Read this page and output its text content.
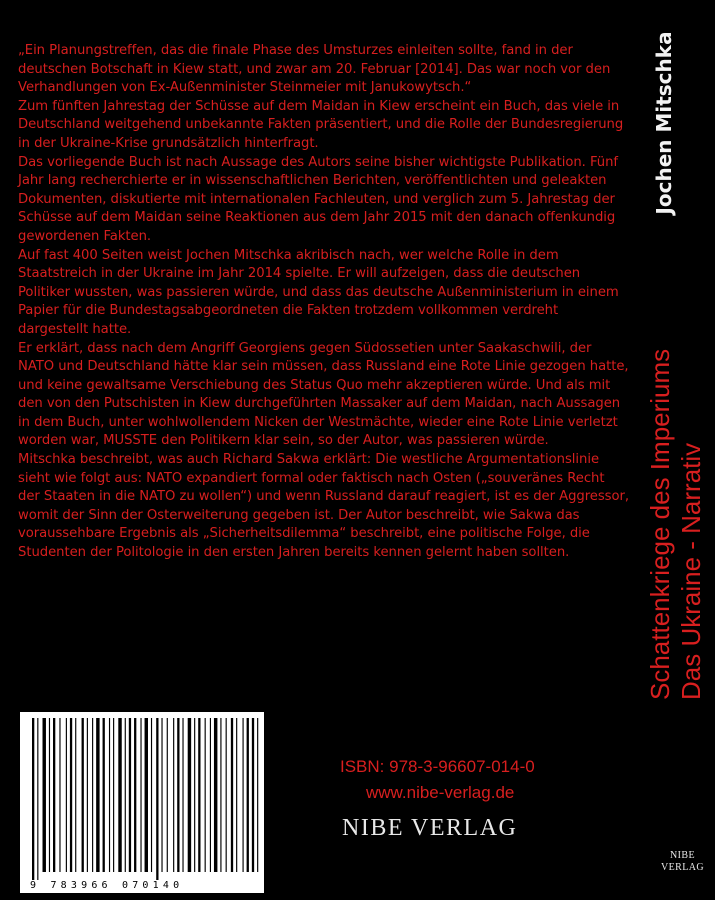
„Ein Planungstreffen, das die finale Phase des Umsturzes einleiten sollte, fand in der deutschen Botschaft in Kiew statt, und zwar am 20. Februar [2014]. Das war noch vor den Verhandlungen von Ex-Außenminister Steinmeier mit Janukowytsch.“

Zum fünften Jahrestag der Schüsse auf dem Maidan in Kiew erscheint ein Buch, das viele in Deutschland weitgehend unbekannte Fakten präsentiert, und die Rolle der Bundesregierung in der Ukraine-Krise grundsätzlich hinterfragt.

Das vorliegende Buch ist nach Aussage des Autors seine bisher wichtigste Publikation. Fünf Jahr lang recherchierte er in wissenschaftlichen Berichten, veröffentlichten und geleakten Dokumenten, diskutierte mit internationalen Fachleuten, und verglich zum 5. Jahrestag der Schüsse auf dem Maidan seine Reaktionen aus dem Jahr 2015 mit den danach offenkundig gewordenen Fakten.

Auf fast 400 Seiten weist Jochen Mitschka akribisch nach, wer welche Rolle in dem Staatstreich in der Ukraine im Jahr 2014 spielte. Er will aufzeigen, dass die deutschen Politiker wussten, was passieren würde, und dass das deutsche Außenministerium in einem Papier für die Bundestagsabgeordneten die Fakten trotzdem vollkommen verdreht dargestellt hatte.

Er erklärt, dass nach dem Angriff Georgiens gegen Südossetien unter Saakaschwili, der NATO und Deutschland hätte klar sein müssen, dass Russland eine Rote Linie gezogen hatte, und keine gewaltsame Verschiebung des Status Quo mehr akzeptieren würde. Und als mit den von den Putschisten in Kiew durchgeführten Massaker auf dem Maidan, nach Aussagen in dem Buch, unter wohlwollendem Nicken der Westmächte, wieder eine Rote Linie verletzt worden war, MUSSTE den Politikern klar sein, so der Autor, was passieren würde.

Mitschka beschreibt, was auch Richard Sakwa erklärt: Die westliche Argumentationslinie sieht wie folgt aus: NATO expandiert formal oder faktisch nach Osten („souveränes Recht der Staaten in die NATO zu wollen“) und wenn Russland darauf reagiert, ist es der Aggressor, womit der Sinn der Osterweiterung gegeben ist. Der Autor beschreibt, wie Sakwa das voraussehbare Ergebnis als „Sicherheitsdilemma“ beschreibt, eine politische Folge, die Studenten der Politologie in den ersten Jahren bereits kennen gelernt haben sollten.

Jochen Mitschka
Schattenkriege des Imperiums Das Ukraine - Narrativ
NIBE
VERLAG
9 783966 070140
ISBN: 978-3-96607-014-0
www.nibe-verlag.de
NIBE VERLAG
